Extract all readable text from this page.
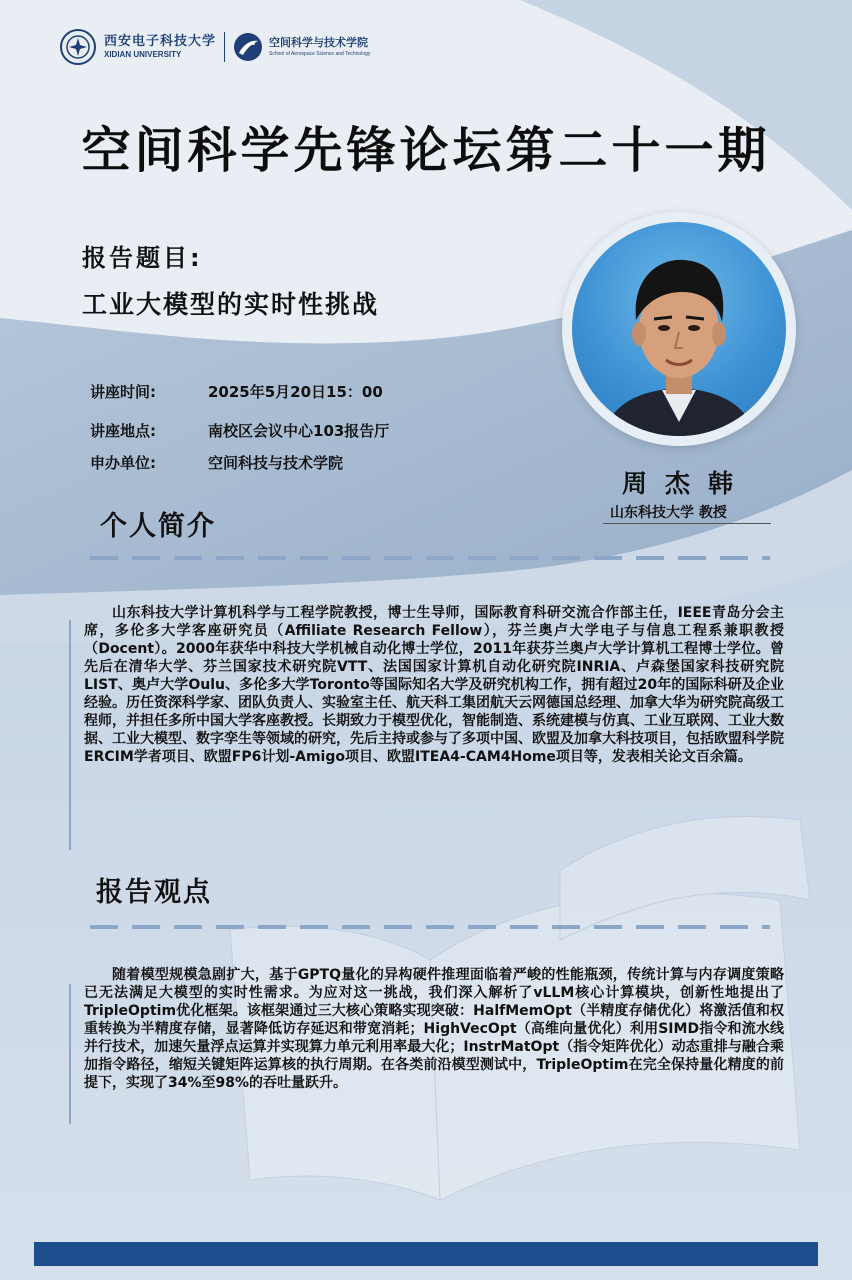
西安电子科技大学
XIDIAN UNIVERSITY
空间科学与技术学院
School of Aerospace Science and Technology
空间科学先锋论坛第二十一期
报告题目:
工业大模型的实时性挑战
讲座时间:	2025年5月20日15：00
讲座地点:	南校区会议中心103报告厅
申办单位:	空间科技与技术学院
周杰韩
山东科技大学 教授
个人简介
山东科技大学计算机科学与工程学院教授，博士生导师，国际教育科研交流合作部主任，IEEE青岛分会主席，多伦多大学客座研究员（Affiliate Research Fellow），芬兰奥卢大学电子与信息工程系兼职教授（Docent）。2000年获华中科技大学机械自动化博士学位，2011年获芬兰奥卢大学计算机工程博士学位。曾先后在清华大学、芬兰国家技术研究院VTT、法国国家计算机自动化研究院INRIA、卢森堡国家科技研究院LIST、奥卢大学Oulu、多伦多大学Toronto等国际知名大学及研究机构工作，拥有超过20年的国际科研及企业经验。历任资深科学家、团队负责人、实验室主任、航天科工集团航天云网德国总经理、加拿大华为研究院高级工程师，并担任多所中国大学客座教授。长期致力于模型优化，智能制造、系统建模与仿真、工业互联网、工业大数据、工业大模型、数字孪生等领域的研究，先后主持或参与了多项中国、欧盟及加拿大科技项目，包括欧盟科学院ERCIM学者项目、欧盟FP6计划-Amigo项目、欧盟ITEA4-CAM4Home项目等，发表相关论文百余篇。
报告观点
随着模型规模急剧扩大，基于GPTQ量化的异构硬件推理面临着严峻的性能瓶颈，传统计算与内存调度策略已无法满足大模型的实时性需求。为应对这一挑战，我们深入解析了vLLM核心计算模块，创新性地提出了TripleOptim优化框架。该框架通过三大核心策略实现突破：HalfMemOpt（半精度存储优化）将激活值和权重转换为半精度存储，显著降低访存延迟和带宽消耗；HighVecOpt（高维向量优化）利用SIMD指令和流水线并行技术，加速矢量浮点运算并实现算力单元利用率最大化；InstrMatOpt（指令矩阵优化）动态重排与融合乘加指令路径，缩短关键矩阵运算核的执行周期。在各类前沿模型测试中，TripleOptim在完全保持量化精度的前提下，实现了34%至98%的吞吐量跃升。
